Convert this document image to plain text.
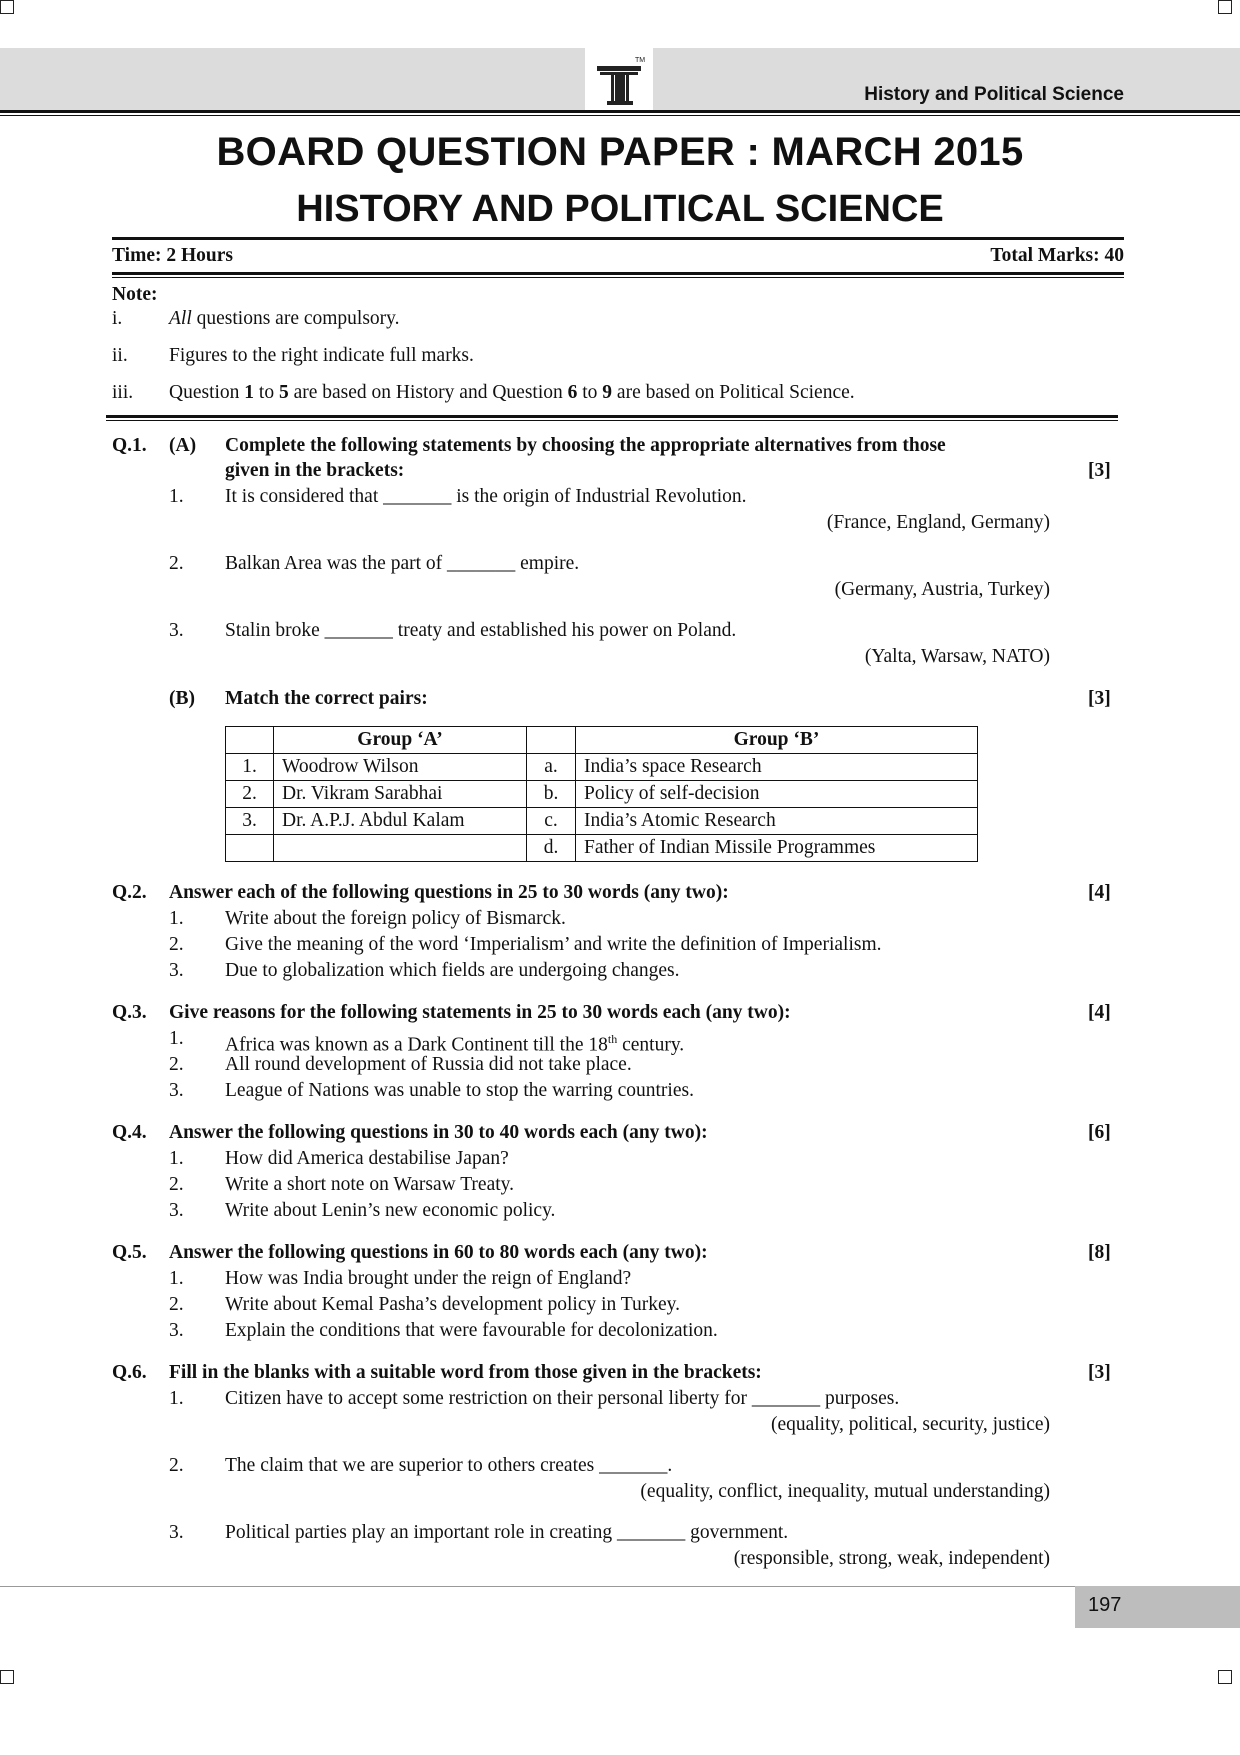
TM
History and Political Science
BOARD QUESTION PAPER : MARCH 2015
HISTORY AND POLITICAL SCIENCE
Time: 2 Hours	Total Marks: 40
Note:
i. All questions are compulsory.
ii. Figures to the right indicate full marks.
iii. Question 1 to 5 are based on History and Question 6 to 9 are based on Political Science.
Q.1. (A) Complete the following statements by choosing the appropriate alternatives from those
given in the brackets:	[3]
1. It is considered that _______ is the origin of Industrial Revolution.
(France, England, Germany)
2. Balkan Area was the part of _______ empire.
(Germany, Austria, Turkey)
3. Stalin broke _______ treaty and established his power on Poland.
(Yalta, Warsaw, NATO)
(B) Match the correct pairs:	[3]
	Group ‘A’		Group ‘B’
1.	Woodrow Wilson	a.	India’s space Research
2.	Dr. Vikram Sarabhai	b.	Policy of self-decision
3.	Dr. A.P.J. Abdul Kalam	c.	India’s Atomic Research
		d.	Father of Indian Missile Programmes
Q.2. Answer each of the following questions in 25 to 30 words (any two):	[4]
1. Write about the foreign policy of Bismarck.
2. Give the meaning of the word ‘Imperialism’ and write the definition of Imperialism.
3. Due to globalization which fields are undergoing changes.
Q.3. Give reasons for the following statements in 25 to 30 words each (any two):	[4]
1. Africa was known as a Dark Continent till the 18th century.
2. All round development of Russia did not take place.
3. League of Nations was unable to stop the warring countries.
Q.4. Answer the following questions in 30 to 40 words each (any two):	[6]
1. How did America destabilise Japan?
2. Write a short note on Warsaw Treaty.
3. Write about Lenin’s new economic policy.
Q.5. Answer the following questions in 60 to 80 words each (any two):	[8]
1. How was India brought under the reign of England?
2. Write about Kemal Pasha’s development policy in Turkey.
3. Explain the conditions that were favourable for decolonization.
Q.6. Fill in the blanks with a suitable word from those given in the brackets:	[3]
1. Citizen have to accept some restriction on their personal liberty for _______ purposes.
(equality, political, security, justice)
2. The claim that we are superior to others creates _______.
(equality, conflict, inequality, mutual understanding)
3. Political parties play an important role in creating _______ government.
(responsible, strong, weak, independent)
197
